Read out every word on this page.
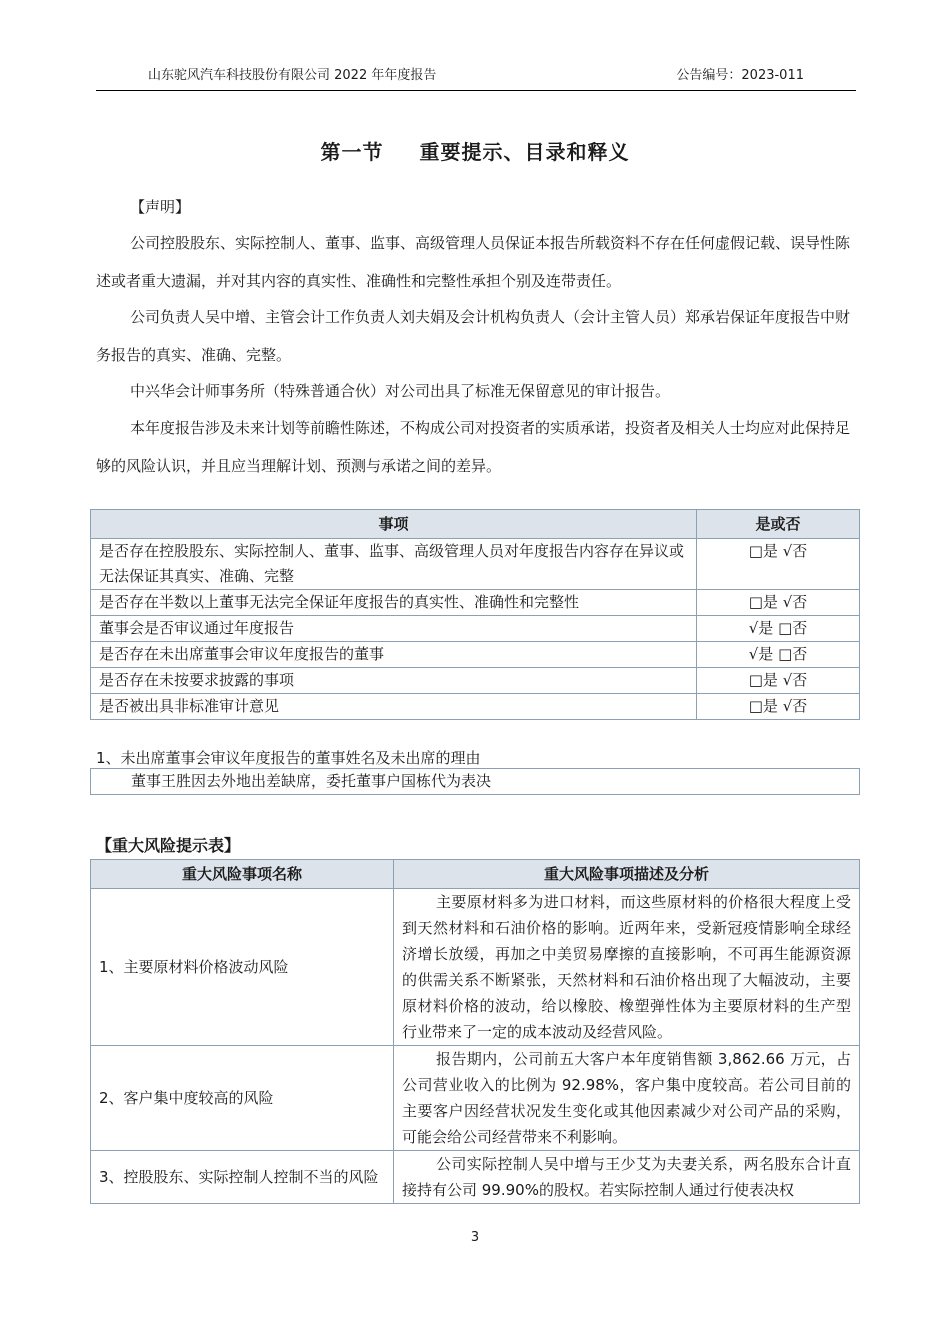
山东驼风汽车科技股份有限公司 2022 年年度报告	公告编号：2023-011
第一节 重要提示、目录和释义
【声明】
公司控股股东、实际控制人、董事、监事、高级管理人员保证本报告所载资料不存在任何虚假记载、误导性陈述或者重大遗漏，并对其内容的真实性、准确性和完整性承担个别及连带责任。
公司负责人吴中增、主管会计工作负责人刘夫娟及会计机构负责人（会计主管人员）郑承岩保证年度报告中财务报告的真实、准确、完整。
中兴华会计师事务所（特殊普通合伙）对公司出具了标准无保留意见的审计报告。
本年度报告涉及未来计划等前瞻性陈述，不构成公司对投资者的实质承诺，投资者及相关人士均应对此保持足够的风险认识，并且应当理解计划、预测与承诺之间的差异。
事项	是或否
是否存在控股股东、实际控制人、董事、监事、高级管理人员对年度报告内容存在异议或无法保证其真实、准确、完整	□是 √否
是否存在半数以上董事无法完全保证年度报告的真实性、准确性和完整性	□是 √否
董事会是否审议通过年度报告	√是 □否
是否存在未出席董事会审议年度报告的董事	√是 □否
是否存在未按要求披露的事项	□是 √否
是否被出具非标准审计意见	□是 √否
1、未出席董事会审议年度报告的董事姓名及未出席的理由
董事王胜因去外地出差缺席，委托董事户国栋代为表决
【重大风险提示表】
重大风险事项名称	重大风险事项描述及分析
1、主要原材料价格波动风险	主要原材料多为进口材料，而这些原材料的价格很大程度上受到天然材料和石油价格的影响。近两年来，受新冠疫情影响全球经济增长放缓，再加之中美贸易摩擦的直接影响，不可再生能源资源的供需关系不断紧张，天然材料和石油价格出现了大幅波动，主要原材料价格的波动，给以橡胶、橡塑弹性体为主要原材料的生产型行业带来了一定的成本波动及经营风险。
2、客户集中度较高的风险	报告期内，公司前五大客户本年度销售额 3,862.66 万元，占公司营业收入的比例为 92.98%，客户集中度较高。若公司目前的主要客户因经营状况发生变化或其他因素减少对公司产品的采购，可能会给公司经营带来不利影响。
3、控股股东、实际控制人控制不当的风险	公司实际控制人吴中增与王少艾为夫妻关系，两名股东合计直接持有公司 99.90%的股权。若实际控制人通过行使表决权
3
